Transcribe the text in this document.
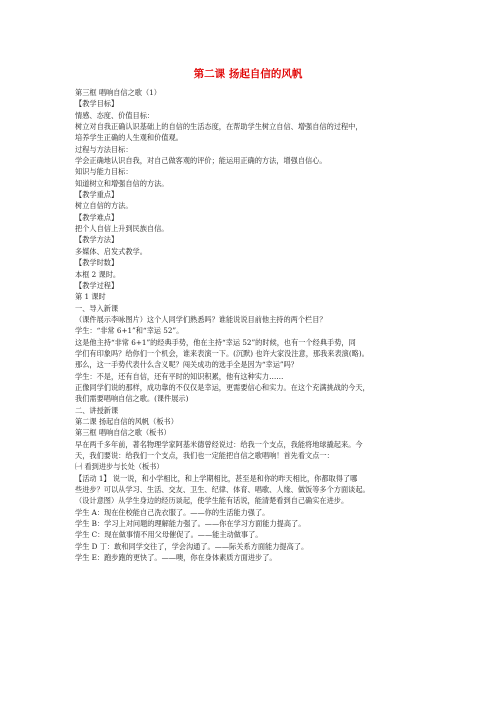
第二课 扬起自信的风帆
第三框 唱响自信之歌（1）
【教学目标】
情感、态度、价值目标：
树立对自我正确认识基础上的自信的生活态度，在帮助学生树立自信、增强自信的过程中，
培养学生正确的人生观和价值观。
过程与方法目标：
学会正确地认识自我，对自己做客观的评价；能运用正确的方法，增强自信心。
知识与能力目标：
知道树立和增强自信的方法。
【教学重点】
树立自信的方法。
【教学难点】
把个人自信上升到民族自信。
【教学方法】
多媒体、启发式教学。
【教学时数】
本框 2 课时。
【教学过程】
第 1 课时
一、导入新课
（课件展示李咏图片）这个人同学们熟悉吗？谁能说说目前他主持的两个栏目？
学生：“非常 6+1”和“幸运 52”。
这是他主持“非常 6+1”的经典手势，他在主持“幸运 52”的时候，也有一个经典手势，同
学们有印象吗？给你们一个机会，谁来表演一下。(沉默) 也许大家没注意，那我来表演(略)。
那么，这一手势代表什么含义呢？闯关成功的选手全是因为“幸运”吗？
学生：不是，还有自信，还有平时的知识积累，他有这种实力……
正像同学们说的那样，成功靠的不仅仅是幸运，更需要信心和实力。在这个充满挑战的今天，
我们需要唱响自信之歌。(课件展示)
二、讲授新课
第二课 扬起自信的风帆（板书）
第三框 唱响自信之歌（板书）
早在两千多年前，著名物理学家阿基米德曾经说过：给我一个支点，我能将地球撬起来。今
天，我们要说：给我们一个支点，我们也一定能把自信之歌唱响！首先看文点一：
㈠ 看到进步与长处（板书）
【活动 1】 说一说，和小学相比，和上学期相比，甚至是和你的昨天相比，你都取得了哪
些进步？可以从学习、生活、交友、卫生、纪律、体育、唱歌、人缘、做饭等多个方面谈起。
（设计意图）从学生身边的经历谈起，使学生能有话说，能清楚看到自己确实在进步。
学生 A：现在住校能自己洗衣服了。——你的生活能力强了。
学生 B：学习上对问题的理解能力强了。——你在学习方面能力提高了。
学生 C：现在做事情不用父母催促了。——能主动做事了。
学生 D 丁：敢和同学交往了，学会沟通了。——际关系方面能力提高了。
学生 E：跑步跑的更快了。——噢，你在身体素质方面进步了。
